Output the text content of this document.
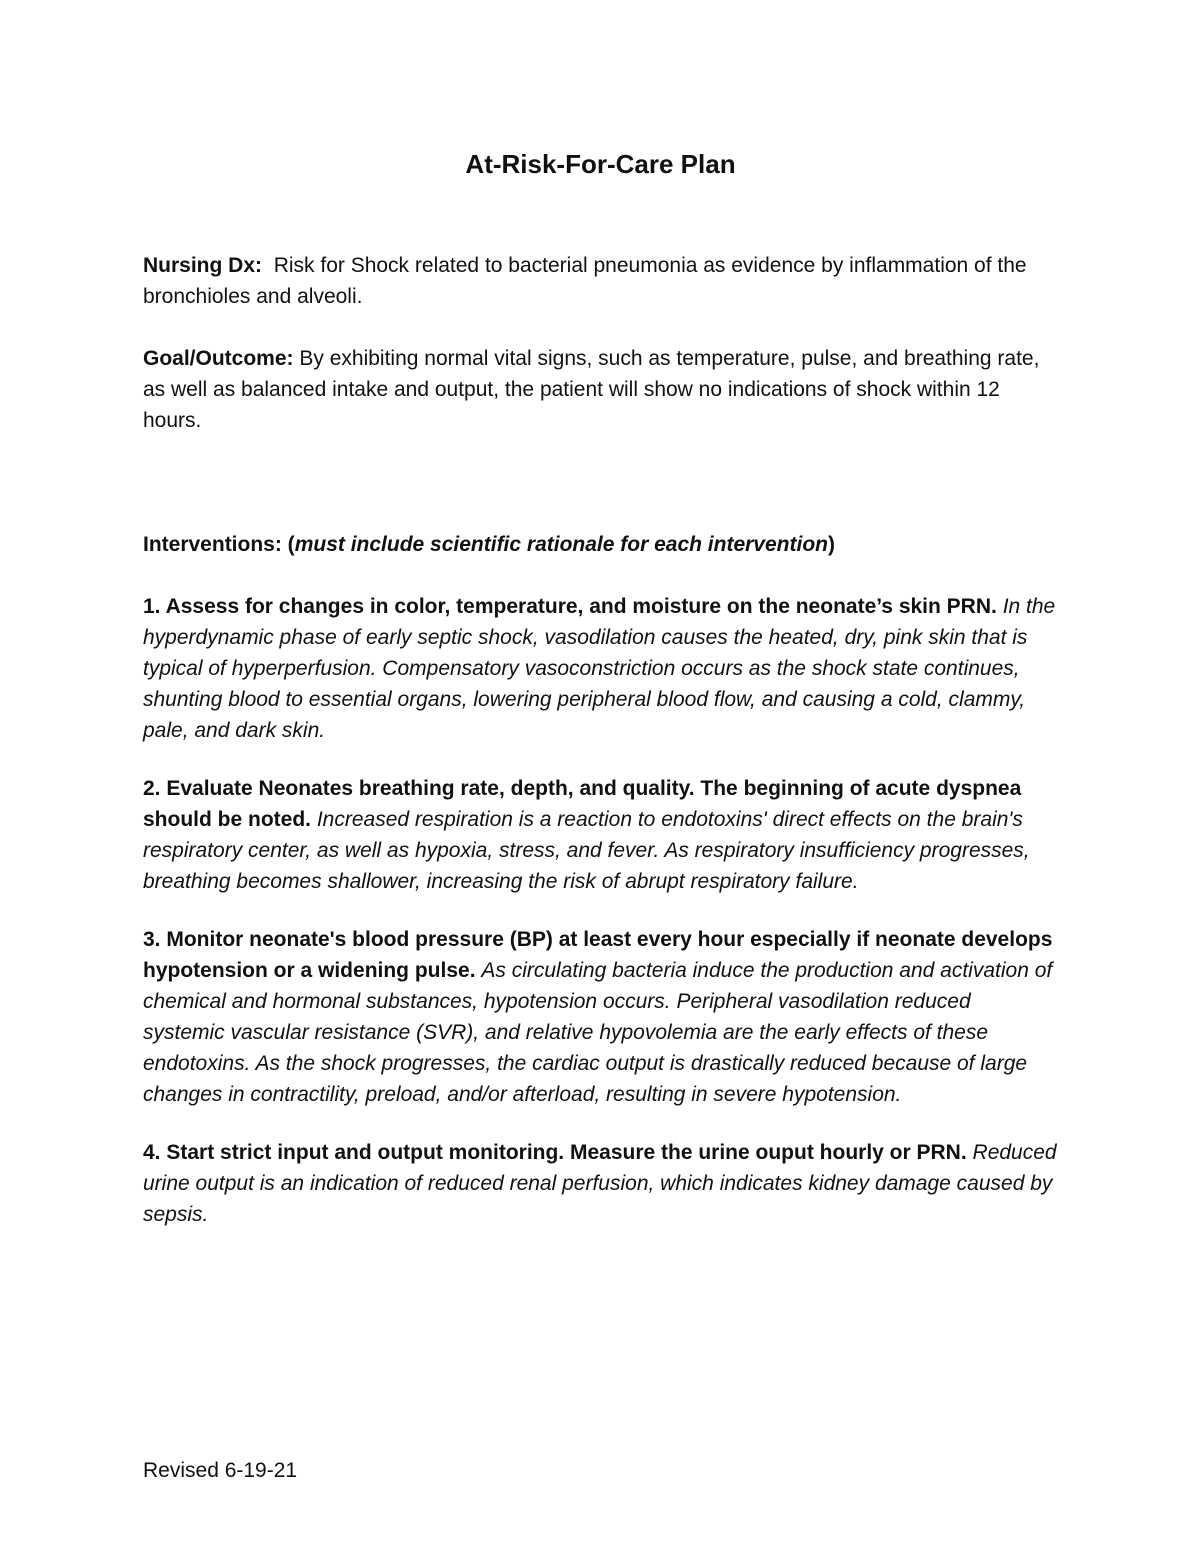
At-Risk-For-Care Plan

Nursing Dx: Risk for Shock related to bacterial pneumonia as evidence by inflammation of the bronchioles and alveoli.

Goal/Outcome: By exhibiting normal vital signs, such as temperature, pulse, and breathing rate, as well as balanced intake and output, the patient will show no indications of shock within 12 hours.

Interventions: (must include scientific rationale for each intervention)

1. Assess for changes in color, temperature, and moisture on the neonate’s skin PRN. In the hyperdynamic phase of early septic shock, vasodilation causes the heated, dry, pink skin that is typical of hyperperfusion. Compensatory vasoconstriction occurs as the shock state continues, shunting blood to essential organs, lowering peripheral blood flow, and causing a cold, clammy, pale, and dark skin.

2. Evaluate Neonates breathing rate, depth, and quality. The beginning of acute dyspnea should be noted. Increased respiration is a reaction to endotoxins' direct effects on the brain's respiratory center, as well as hypoxia, stress, and fever. As respiratory insufficiency progresses, breathing becomes shallower, increasing the risk of abrupt respiratory failure.

3. Monitor neonate's blood pressure (BP) at least every hour especially if neonate develops hypotension or a widening pulse. As circulating bacteria induce the production and activation of chemical and hormonal substances, hypotension occurs. Peripheral vasodilation reduced systemic vascular resistance (SVR), and relative hypovolemia are the early effects of these endotoxins. As the shock progresses, the cardiac output is drastically reduced because of large changes in contractility, preload, and/or afterload, resulting in severe hypotension.

4. Start strict input and output monitoring. Measure the urine ouput hourly or PRN. Reduced urine output is an indication of reduced renal perfusion, which indicates kidney damage caused by sepsis.

Revised 6-19-21
